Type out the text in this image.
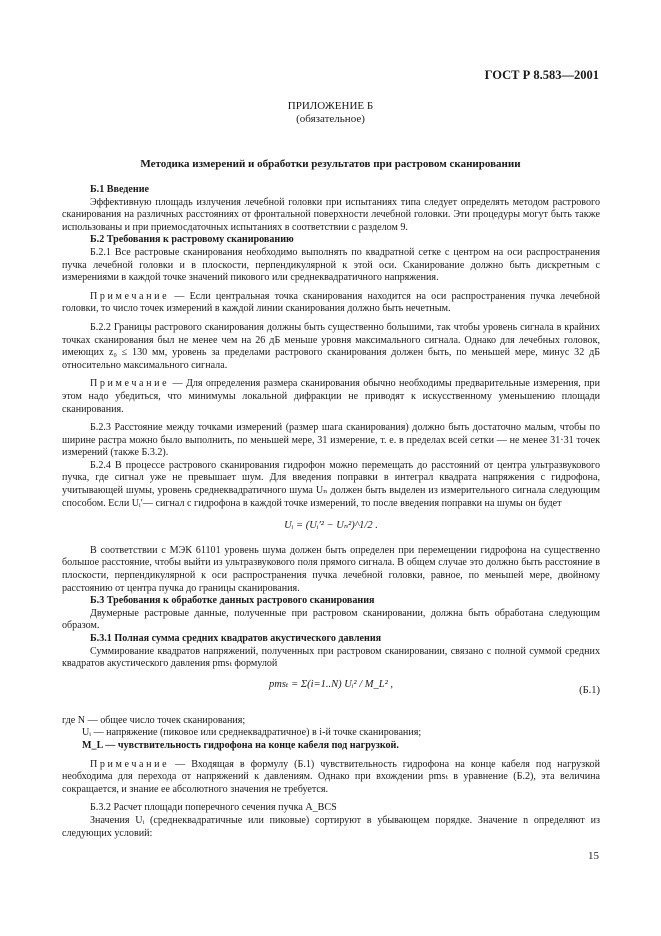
ГОСТ Р 8.583—2001
ПРИЛОЖЕНИЕ Б
(обязательное)
Методика измерений и обработки результатов при растровом сканировании

Б.1 Введение

Эффективную площадь излучения лечебной головки при испытаниях типа следует определять методом растрового сканирования на различных расстояниях от фронтальной поверхности лечебной головки. Эти процедуры могут быть также использованы и при приемосдаточных испытаниях в соответствии с разделом 9.

Б.2 Требования к растровому сканированию

Б.2.1 Все растровые сканирования необходимо выполнять по квадратной сетке с центром на оси распространения пучка лечебной головки и в плоскости, перпендикулярной к этой оси. Сканирование должно быть дискретным с измерениями в каждой точке значений пикового или среднеквадратичного напряжения.

Примечание — Если центральная точка сканирования находится на оси распространения пучка лечебной головки, то число точек измерений в каждой линии сканирования должно быть нечетным.

Б.2.2 Границы растрового сканирования должны быть существенно большими, так чтобы уровень сигнала в крайних точках сканирования был не менее чем на 26 дБ меньше уровня максимального сигнала. Однако для лечебных головок, имеющих z₀ ≤ 130 мм, уровень за пределами растрового сканирования должен быть, по меньшей мере, минус 32 дБ относительно максимального сигнала.

Примечание — Для определения размера сканирования обычно необходимы предварительные измерения, при этом надо убедиться, что минимумы локальной дифракции не приводят к искусственному уменьшению площади сканирования.

Б.2.3 Расстояние между точками измерений (размер шага сканирования) должно быть достаточно малым, чтобы по ширине растра можно было выполнить, по меньшей мере, 31 измерение, т. е. в пределах всей сетки — не менее 31·31 точек измерений (также Б.3.2).

Б.2.4 В процессе растрового сканирования гидрофон можно перемещать до расстояний от центра ультразвукового пучка, где сигнал уже не превышает шум. Для введения поправки в интеграл квадрата напряжения с гидрофона, учитывающей шумы, уровень среднеквадратичного шума Uₙ должен быть выделен из измерительного сигнала следующим способом. Если Uᵢ′— сигнал с гидрофона в каждой точке измерений, то после введения поправки на шумы он будет

Uᵢ = (Uᵢ′² − Uₙ²)^1/2 .

В соответствии с МЭК 61101 уровень шума должен быть определен при перемещении гидрофона на существенно большое расстояние, чтобы выйти из ультразвукового поля прямого сигнала. В общем случае это должно быть расстояние в плоскости, перпендикулярной к оси распространения пучка лечебной головки, равное, по меньшей мере, двойному расстоянию от центра пучка до границы сканирования.

Б.3 Требования к обработке данных растрового сканирования

Двумерные растровые данные, полученные при растровом сканировании, должна быть обработана следующим образом.

Б.3.1 Полная сумма средних квадратов акустического давления

Суммирование квадратов напряжений, полученных при растровом сканировании, связано с полной суммой средних квадратов акустического давления pmsₜ формулой

pmsₜ = Σ(i=1..N) Uᵢ² / M_L² ,
(Б.1)

где N — общее число точек сканирования;

Uᵢ — напряжение (пиковое или среднеквадратичное) в i-й точке сканирования;

M_L — чувствительность гидрофона на конце кабеля под нагрузкой.

Примечание — Входящая в формулу (Б.1) чувствительность гидрофона на конце кабеля под нагрузкой необходима для перехода от напряжений к давлениям. Однако при вхождении pmsₜ в уравнение (Б.2), эта величина сокращается, и знание ее абсолютного значения не требуется.

Б.3.2 Расчет площади поперечного сечения пучка A_BCS

Значения Uᵢ (среднеквадратичные или пиковые) сортируют в убывающем порядке. Значение n определяют из следующих условий:

15
